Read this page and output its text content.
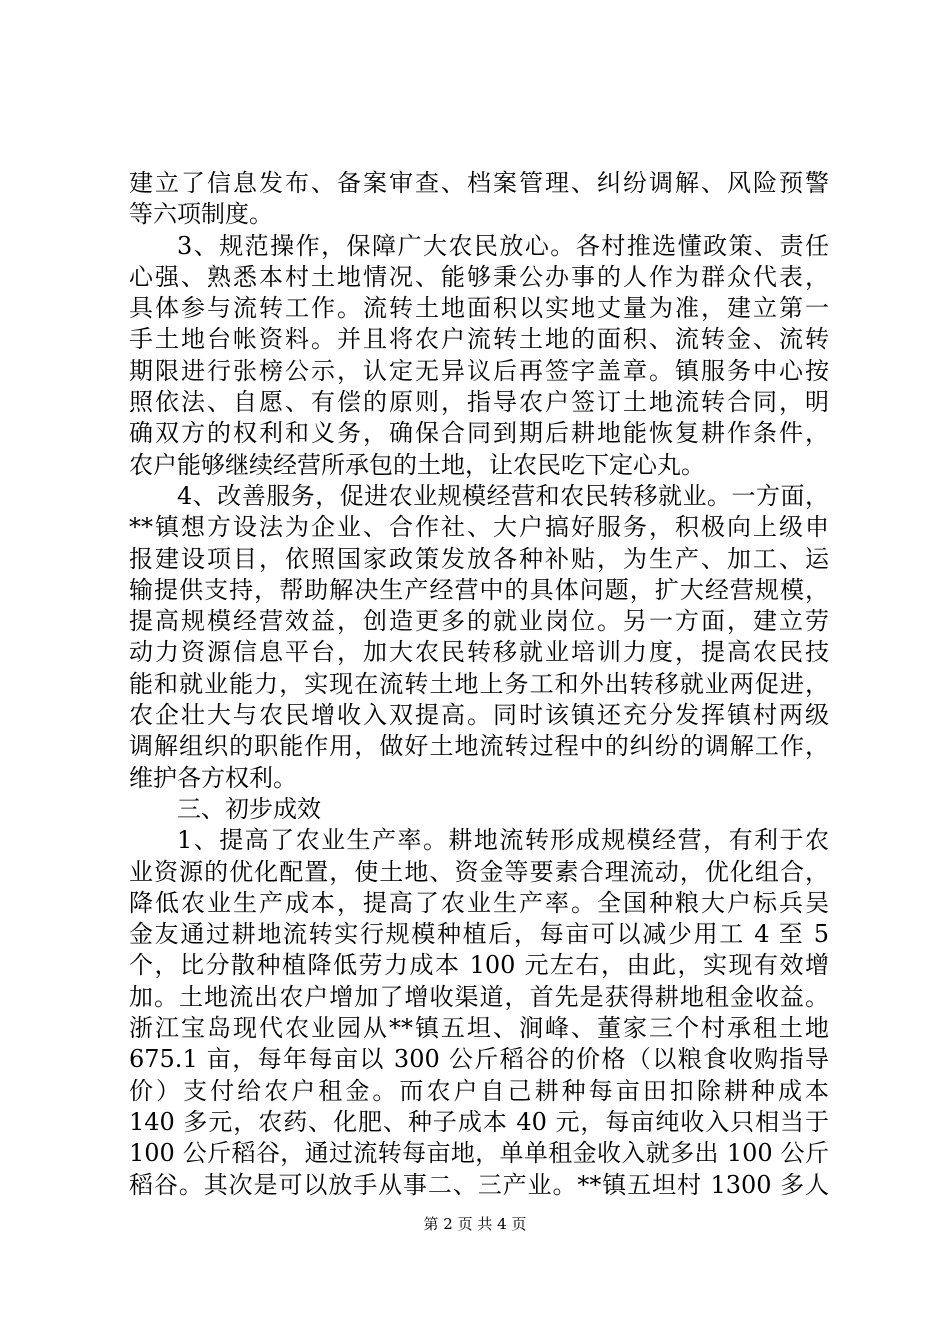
建立了信息发布、备案审查、档案管理、纠纷调解、风险预警
等六项制度。
3、规范操作，保障广大农民放心。各村推选懂政策、责任
心强、熟悉本村土地情况、能够秉公办事的人作为群众代表，
具体参与流转工作。流转土地面积以实地丈量为准，建立第一
手土地台帐资料。并且将农户流转土地的面积、流转金、流转
期限进行张榜公示，认定无异议后再签字盖章。镇服务中心按
照依法、自愿、有偿的原则，指导农户签订土地流转合同，明
确双方的权利和义务，确保合同到期后耕地能恢复耕作条件，
农户能够继续经营所承包的土地，让农民吃下定心丸。
4、改善服务，促进农业规模经营和农民转移就业。一方面，
**镇想方设法为企业、合作社、大户搞好服务，积极向上级申
报建设项目，依照国家政策发放各种补贴，为生产、加工、运
输提供支持，帮助解决生产经营中的具体问题，扩大经营规模，
提高规模经营效益，创造更多的就业岗位。另一方面，建立劳
动力资源信息平台，加大农民转移就业培训力度，提高农民技
能和就业能力，实现在流转土地上务工和外出转移就业两促进，
农企壮大与农民增收入双提高。同时该镇还充分发挥镇村两级
调解组织的职能作用，做好土地流转过程中的纠纷的调解工作，
维护各方权利。
三、初步成效
1、提高了农业生产率。耕地流转形成规模经营，有利于农
业资源的优化配置，使土地、资金等要素合理流动，优化组合，
降低农业生产成本，提高了农业生产率。全国种粮大户标兵吴
金友通过耕地流转实行规模种植后，每亩可以减少用工 4 至 5
个，比分散种植降低劳力成本 100 元左右，由此，实现有效增
加。土地流出农户增加了增收渠道，首先是获得耕地租金收益。
浙江宝岛现代农业园从**镇五坦、涧峰、董家三个村承租土地
675.1 亩，每年每亩以 300 公斤稻谷的价格（以粮食收购指导
价）支付给农户租金。而农户自己耕种每亩田扣除耕种成本
140 多元，农药、化肥、种子成本 40 元，每亩纯收入只相当于
100 公斤稻谷，通过流转每亩地，单单租金收入就多出 100 公斤
稻谷。其次是可以放手从事二、三产业。**镇五坦村 1300 多人
第 2 页 共 4 页
